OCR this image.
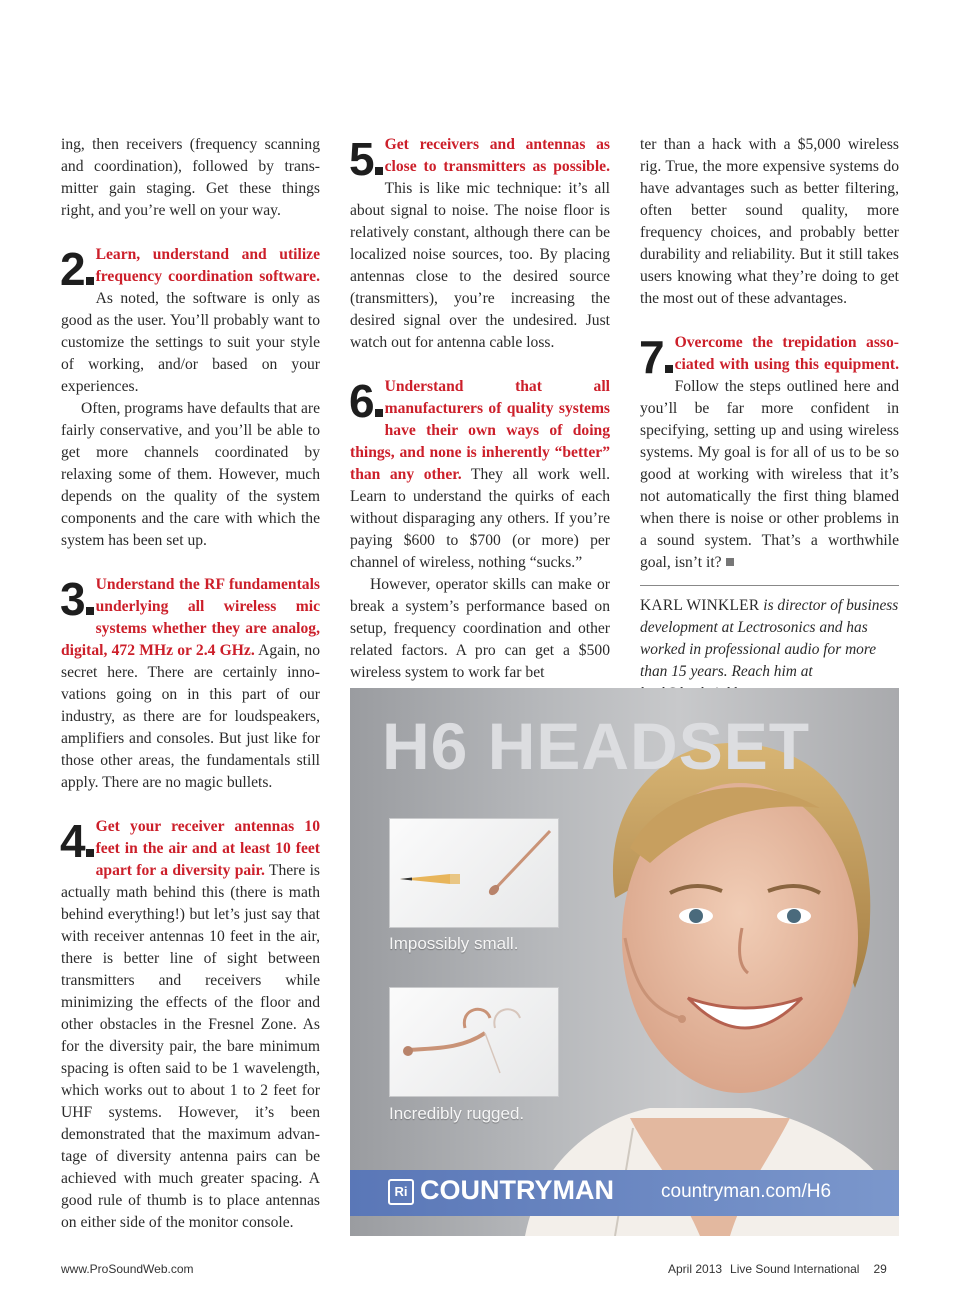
ing, then receivers (frequency scanning and coordination), followed by transmitter gain staging. Get these things right, and you’re well on your way.

2 Learn, understand and utilize frequency coordination software. As noted, the software is only as good as the user. You’ll probably want to customize the settings to suit your style of working, and/or based on your experiences.

Often, programs have defaults that are fairly conservative, and you’ll be able to get more channels coordinated by relaxing some of them. However, much depends on the quality of the system components and the care with which the system has been set up.

3 Understand the RF fundamentals underlying all wireless mic systems whether they are analog, digital, 472 MHz or 2.4 GHz. Again, no secret here. There are certainly innovations going on in this part of our industry, as there are for loudspeakers, amplifiers and consoles. But just like for those other areas, the fundamentals still apply. There are no magic bullets.

4 Get your receiver antennas 10 feet in the air and at least 10 feet apart for a diversity pair. There is actually math behind this (there is math behind everything!) but let’s just say that with receiver antennas 10 feet in the air, there is better line of sight between transmitters and receivers while minimizing the effects of the floor and other obstacles in the Fresnel Zone. As for the diversity pair, the bare minimum spacing is often said to be 1 wavelength, which works out to about 1 to 2 feet for UHF systems. However, it’s been demonstrated that the maximum advantage of diversity antenna pairs can be achieved with much greater spacing. A good rule of thumb is to place antennas on either side of the monitor console.

5 Get receivers and antennas as close to transmitters as possible. This is like mic technique: it’s all about signal to noise. The noise floor is relatively constant, although there can be localized noise sources, too. By placing antennas close to the desired source (transmitters), you’re increasing the desired signal over the undesired. Just watch out for antenna cable loss.

6 Understand that all manufacturers of quality systems have their own ways of doing things, and none is inherently “better” than any other. They all work well. Learn to understand the quirks of each without disparaging any others. If you’re paying $600 to $700 (or more) per channel of wireless, nothing “sucks.”

However, operator skills can make or break a system’s performance based on setup, frequency coordination and other related factors. A pro can get a $500 wireless system to work far bet

ter than a hack with a $5,000 wireless rig. True, the more expensive systems do have advantages such as better filtering, often better sound quality, more frequency choices, and probably better durability and reliability. But it still takes users knowing what they’re doing to get the most out of these advantages.

7 Overcome the trepidation associated with using this equipment. Follow the steps outlined here and you’ll be far more confident in specifying, setting up and using wireless systems. My goal is for all of us to be so good at working with wireless that it’s not automatically the first thing blamed when there is noise or other problems in a sound system. That’s a worthwhile goal, isn’t it?

KARL WINKLER is director of business development at Lectrosonics and has worked in professional audio for more than 15 years. Reach him at
H6 HEADSET
Impossibly small.
Incredibly rugged.
Ri COUNTRYMAN countryman.com/H6
www.ProSoundWeb.com	April 2013 Live Sound International 29
